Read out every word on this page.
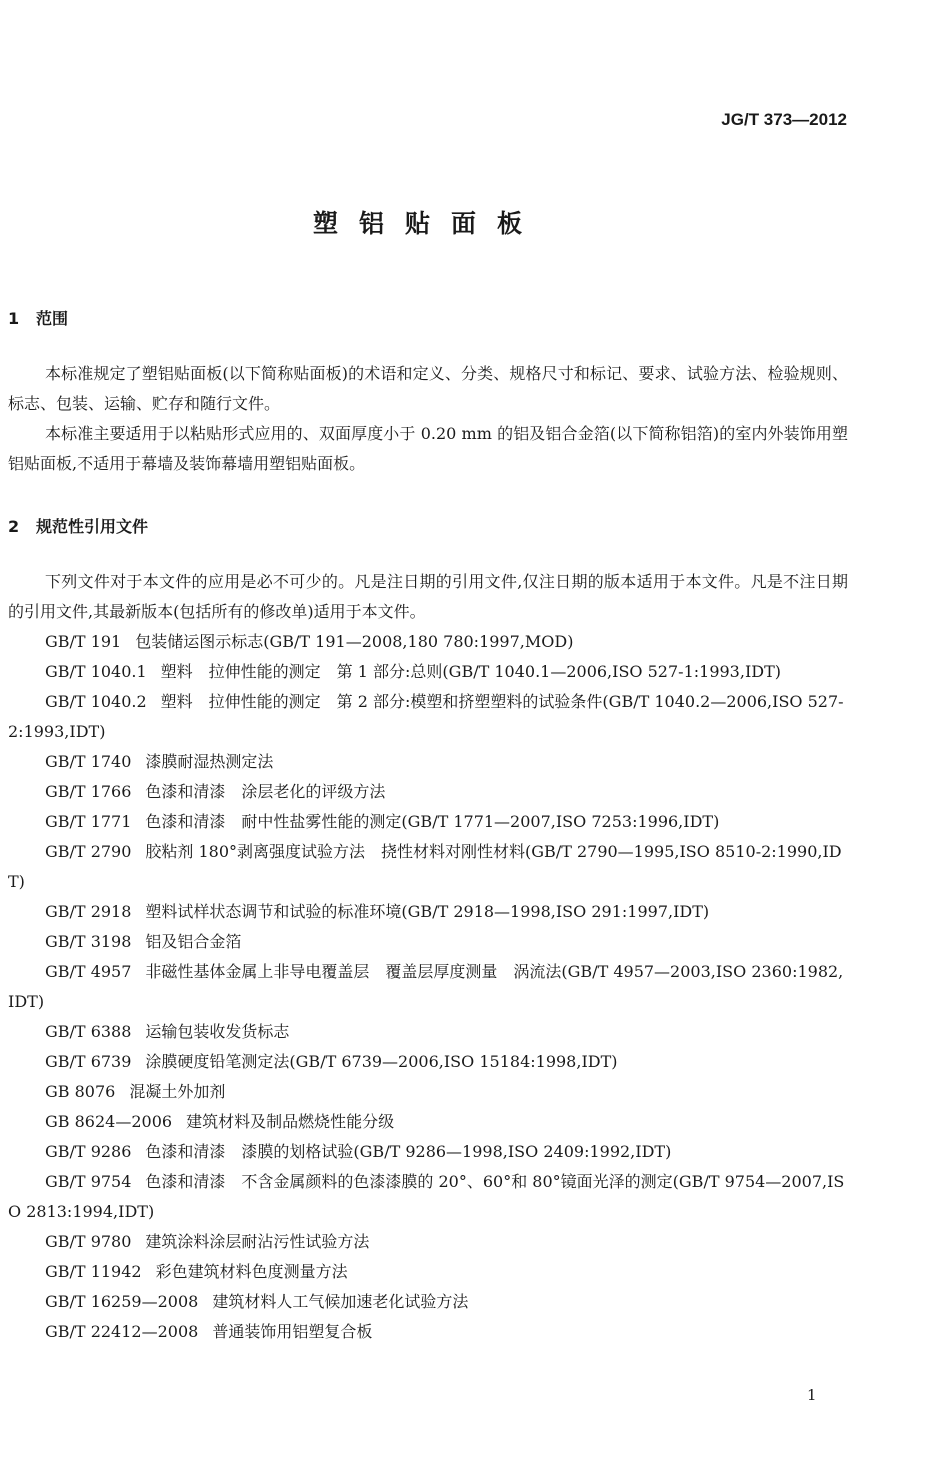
JG/T 373—2012
塑铝贴面板
1 范围

本标准规定了塑铝贴面板(以下简称贴面板)的术语和定义、分类、规格尺寸和标记、要求、试验方法、检验规则、标志、包装、运输、贮存和随行文件。

本标准主要适用于以粘贴形式应用的、双面厚度小于 0.20 mm 的铝及铝合金箔(以下简称铝箔)的室内外装饰用塑铝贴面板,不适用于幕墙及装饰幕墙用塑铝贴面板。

2 规范性引用文件

下列文件对于本文件的应用是必不可少的。凡是注日期的引用文件,仅注日期的版本适用于本文件。凡是不注日期的引用文件,其最新版本(包括所有的修改单)适用于本文件。

GB/T 191 包装储运图示标志(GB/T 191—2008,180 780:1997,MOD)

GB/T 1040.1 塑料　拉伸性能的测定　第 1 部分:总则(GB/T 1040.1—2006,ISO 527-1:1993,IDT)

GB/T 1040.2 塑料　拉伸性能的测定　第 2 部分:模塑和挤塑塑料的试验条件(GB/T 1040.2—2006,ISO 527-2:1993,IDT)

GB/T 1740 漆膜耐湿热测定法

GB/T 1766 色漆和清漆　涂层老化的评级方法

GB/T 1771 色漆和清漆　耐中性盐雾性能的测定(GB/T 1771—2007,ISO 7253:1996,IDT)

GB/T 2790 胶粘剂 180°剥离强度试验方法　挠性材料对刚性材料(GB/T 2790—1995,ISO 8510-2:1990,IDT)

GB/T 2918 塑料试样状态调节和试验的标准环境(GB/T 2918—1998,ISO 291:1997,IDT)

GB/T 3198 铝及铝合金箔

GB/T 4957 非磁性基体金属上非导电覆盖层　覆盖层厚度测量　涡流法(GB/T 4957—2003,ISO 2360:1982,IDT)

GB/T 6388 运输包装收发货标志

GB/T 6739 涂膜硬度铅笔测定法(GB/T 6739—2006,ISO 15184:1998,IDT)

GB 8076 混凝土外加剂

GB 8624—2006 建筑材料及制品燃烧性能分级

GB/T 9286 色漆和清漆　漆膜的划格试验(GB/T 9286—1998,ISO 2409:1992,IDT)

GB/T 9754 色漆和清漆　不含金属颜料的色漆漆膜的 20°、60°和 80°镜面光泽的测定(GB/T 9754—2007,ISO 2813:1994,IDT)

GB/T 9780 建筑涂料涂层耐沾污性试验方法

GB/T 11942 彩色建筑材料色度测量方法

GB/T 16259—2008 建筑材料人工气候加速老化试验方法

GB/T 22412—2008 普通装饰用铝塑复合板

1
